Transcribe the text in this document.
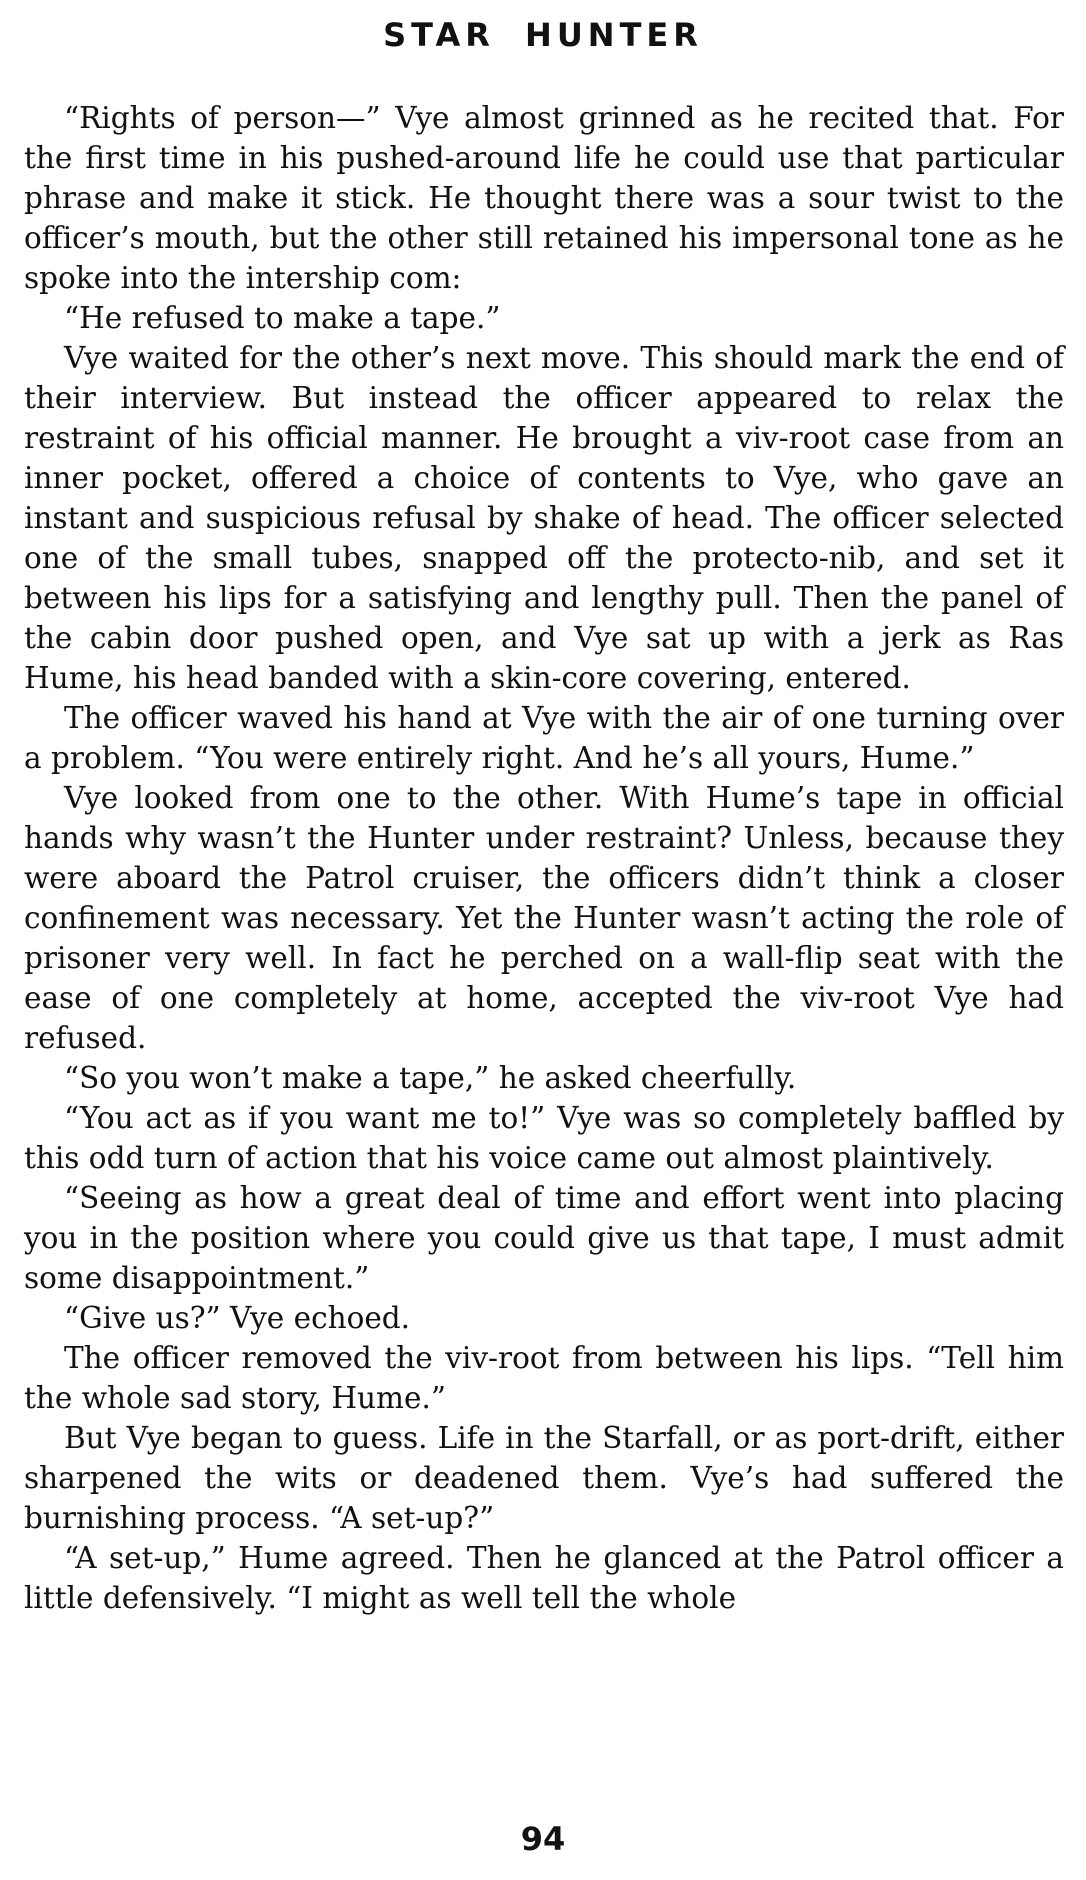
STAR HUNTER

“Rights of person—” Vye almost grinned as he recited that. For the first time in his pushed-around life he could use that particular phrase and make it stick. He thought there was a sour twist to the officer’s mouth, but the other still retained his impersonal tone as he spoke into the intership com:

“He refused to make a tape.”

Vye waited for the other’s next move. This should mark the end of their interview. But instead the officer appeared to relax the restraint of his official manner. He brought a viv-root case from an inner pocket, offered a choice of contents to Vye, who gave an instant and suspicious refusal by shake of head. The officer selected one of the small tubes, snapped off the protecto-nib, and set it between his lips for a satisfying and lengthy pull. Then the panel of the cabin door pushed open, and Vye sat up with a jerk as Ras Hume, his head banded with a skin-core covering, entered.

The officer waved his hand at Vye with the air of one turning over a problem. “You were entirely right. And he’s all yours, Hume.”

Vye looked from one to the other. With Hume’s tape in official hands why wasn’t the Hunter under restraint? Unless, because they were aboard the Patrol cruiser, the officers didn’t think a closer confinement was necessary. Yet the Hunter wasn’t acting the role of prisoner very well. In fact he perched on a wall-flip seat with the ease of one completely at home, accepted the viv-root Vye had refused.

“So you won’t make a tape,” he asked cheerfully.

“You act as if you want me to!” Vye was so completely baffled by this odd turn of action that his voice came out almost plaintively.

“Seeing as how a great deal of time and effort went into placing you in the position where you could give us that tape, I must admit some disappointment.”

“Give us?” Vye echoed.

The officer removed the viv-root from between his lips. “Tell him the whole sad story, Hume.”

But Vye began to guess. Life in the Starfall, or as port-drift, either sharpened the wits or deadened them. Vye’s had suffered the burnishing process. “A set-up?”

“A set-up,” Hume agreed. Then he glanced at the Patrol officer a little defensively. “I might as well tell the whole

94
